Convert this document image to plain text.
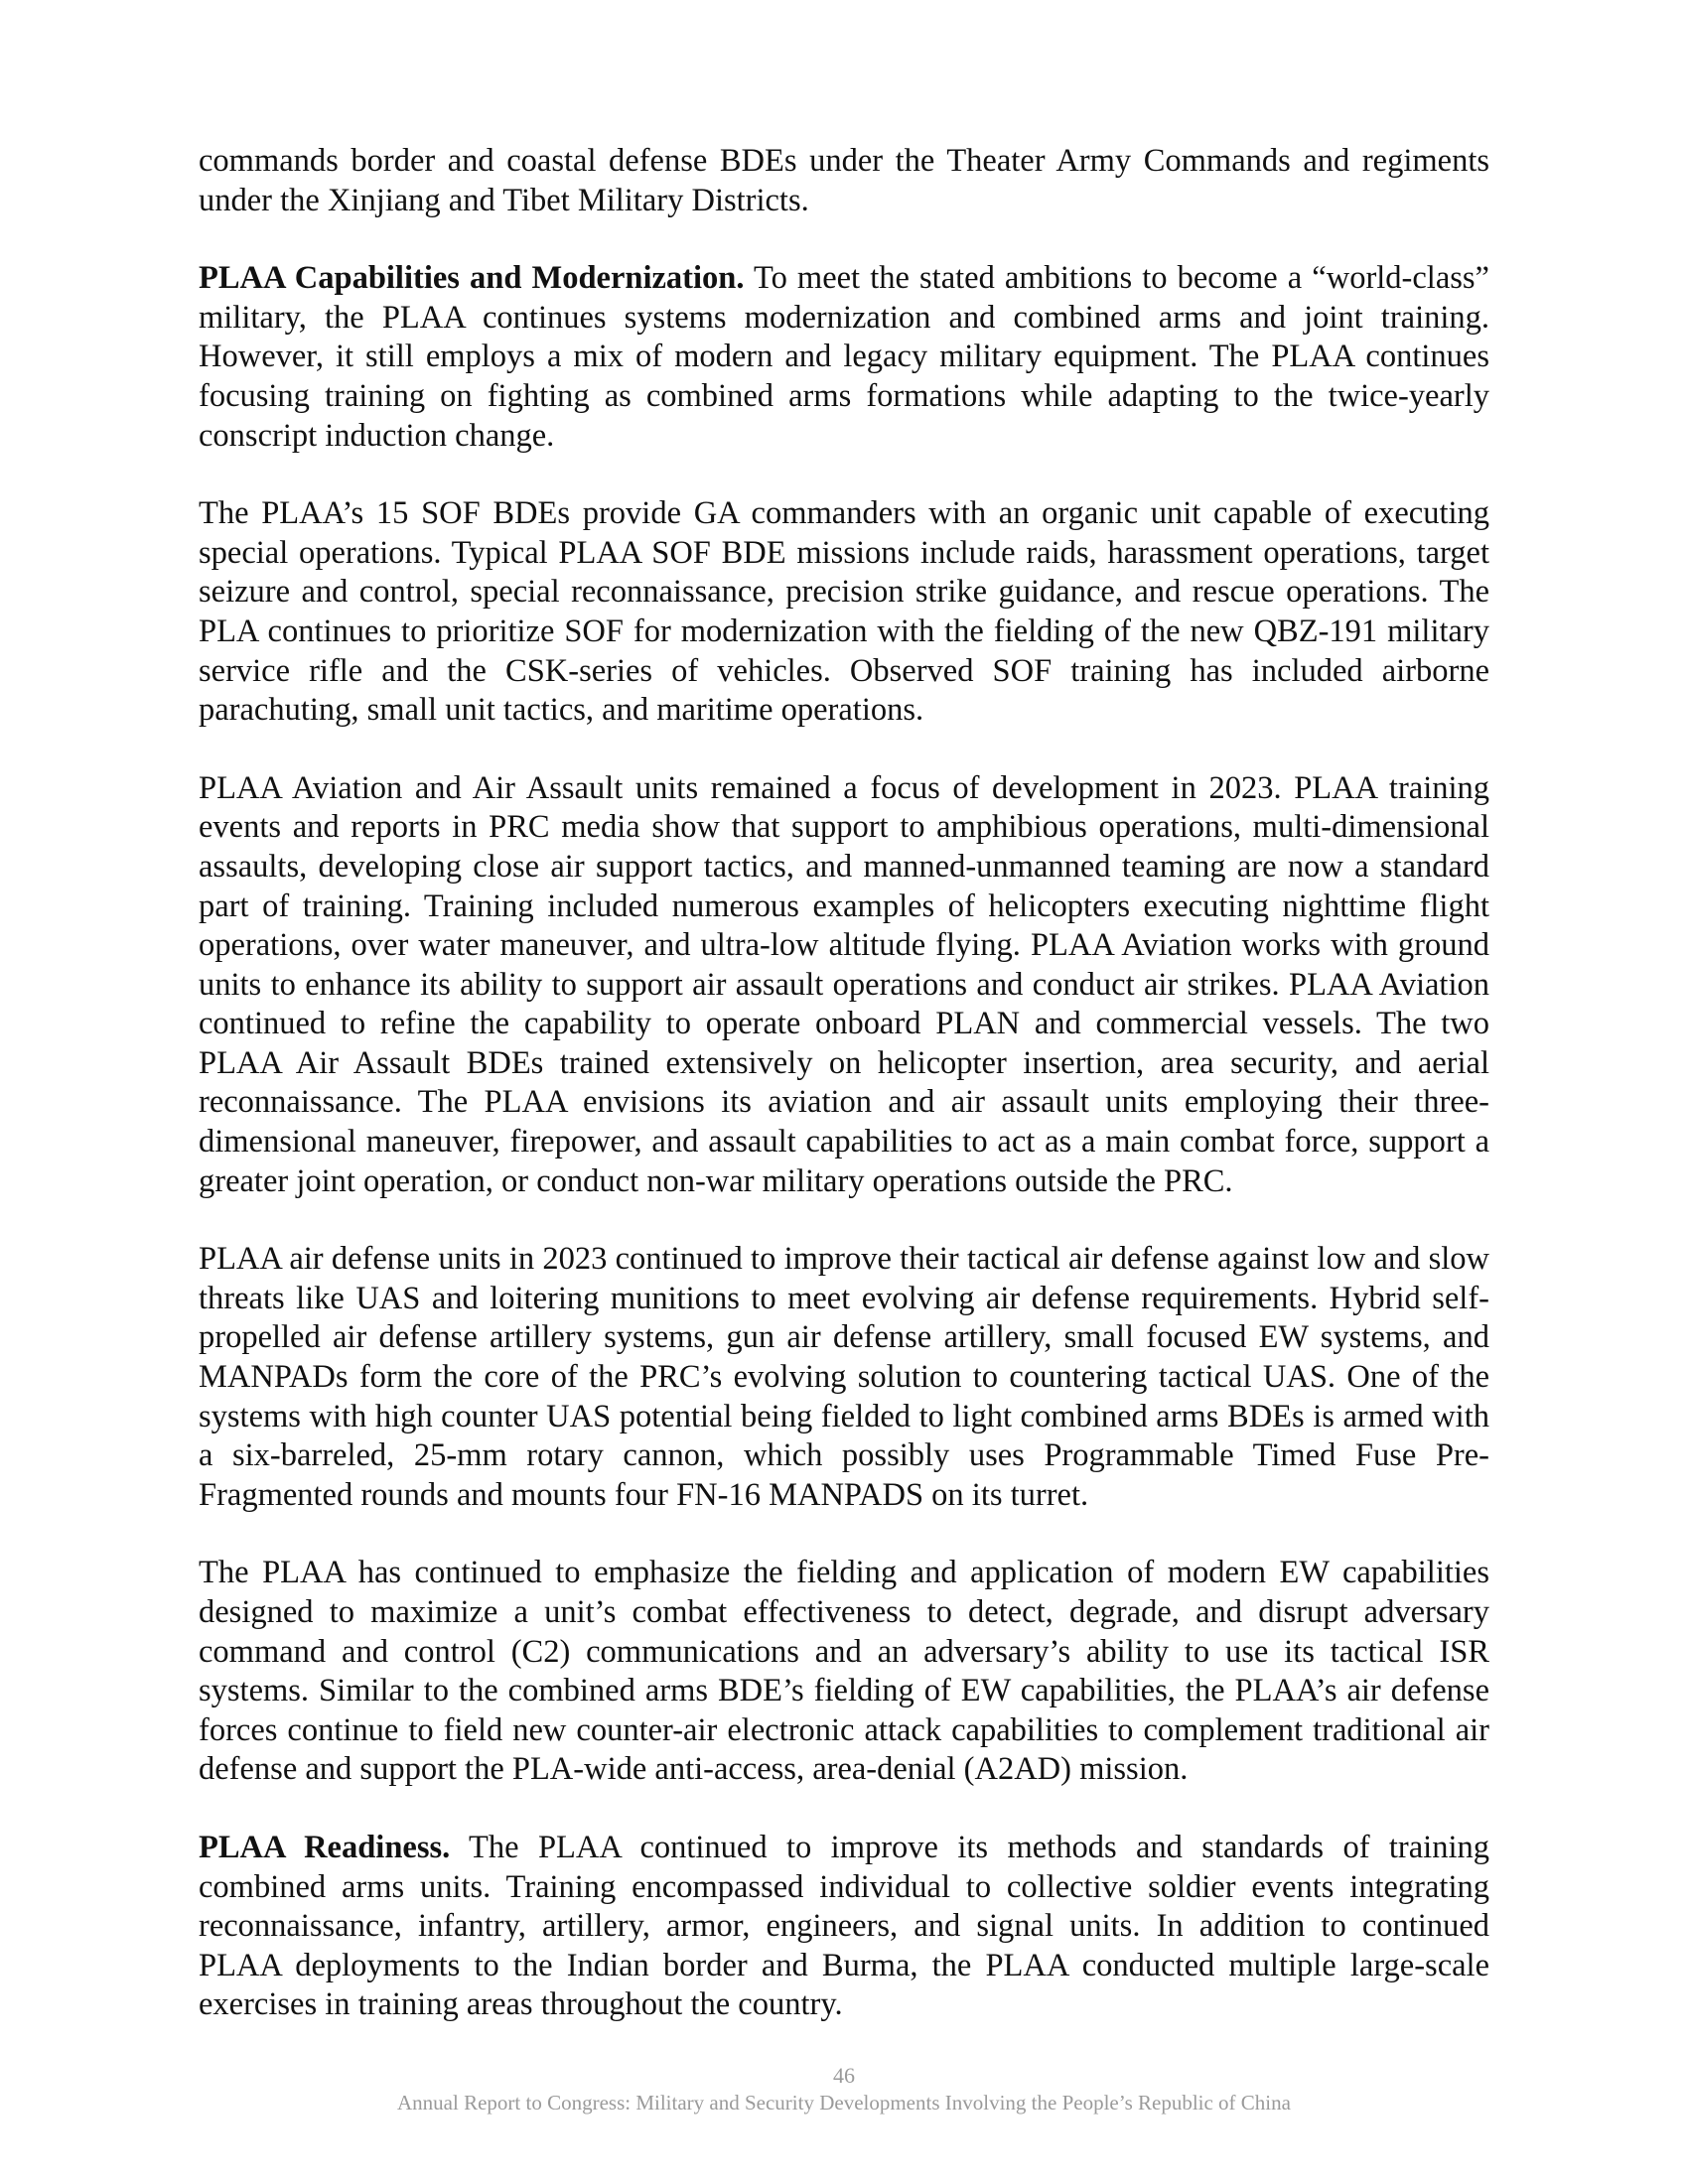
commands border and coastal defense BDEs under the Theater Army Commands and regiments under the Xinjiang and Tibet Military Districts.

PLAA Capabilities and Modernization. To meet the stated ambitions to become a “world-class” military, the PLAA continues systems modernization and combined arms and joint training. However, it still employs a mix of modern and legacy military equipment. The PLAA continues focusing training on fighting as combined arms formations while adapting to the twice-yearly conscript induction change.

The PLAA’s 15 SOF BDEs provide GA commanders with an organic unit capable of executing special operations. Typical PLAA SOF BDE missions include raids, harassment operations, target seizure and control, special reconnaissance, precision strike guidance, and rescue operations. The PLA continues to prioritize SOF for modernization with the fielding of the new QBZ-191 military service rifle and the CSK-series of vehicles. Observed SOF training has included airborne parachuting, small unit tactics, and maritime operations.

PLAA Aviation and Air Assault units remained a focus of development in 2023. PLAA training events and reports in PRC media show that support to amphibious operations, multi-dimensional assaults, developing close air support tactics, and manned-unmanned teaming are now a standard part of training. Training included numerous examples of helicopters executing nighttime flight operations, over water maneuver, and ultra-low altitude flying. PLAA Aviation works with ground units to enhance its ability to support air assault operations and conduct air strikes. PLAA Aviation continued to refine the capability to operate onboard PLAN and commercial vessels. The two PLAA Air Assault BDEs trained extensively on helicopter insertion, area security, and aerial reconnaissance. The PLAA envisions its aviation and air assault units employing their three-dimensional maneuver, firepower, and assault capabilities to act as a main combat force, support a greater joint operation, or conduct non-war military operations outside the PRC.

PLAA air defense units in 2023 continued to improve their tactical air defense against low and slow threats like UAS and loitering munitions to meet evolving air defense requirements. Hybrid self-propelled air defense artillery systems, gun air defense artillery, small focused EW systems, and MANPADs form the core of the PRC’s evolving solution to countering tactical UAS. One of the systems with high counter UAS potential being fielded to light combined arms BDEs is armed with a six-barreled, 25-mm rotary cannon, which possibly uses Programmable Timed Fuse Pre-Fragmented rounds and mounts four FN-16 MANPADS on its turret.

The PLAA has continued to emphasize the fielding and application of modern EW capabilities designed to maximize a unit’s combat effectiveness to detect, degrade, and disrupt adversary command and control (C2) communications and an adversary’s ability to use its tactical ISR systems. Similar to the combined arms BDE’s fielding of EW capabilities, the PLAA’s air defense forces continue to field new counter-air electronic attack capabilities to complement traditional air defense and support the PLA-wide anti-access, area-denial (A2AD) mission.

PLAA Readiness. The PLAA continued to improve its methods and standards of training combined arms units. Training encompassed individual to collective soldier events integrating reconnaissance, infantry, artillery, armor, engineers, and signal units. In addition to continued PLAA deployments to the Indian border and Burma, the PLAA conducted multiple large-scale exercises in training areas throughout the country.

46
Annual Report to Congress: Military and Security Developments Involving the People’s Republic of China
